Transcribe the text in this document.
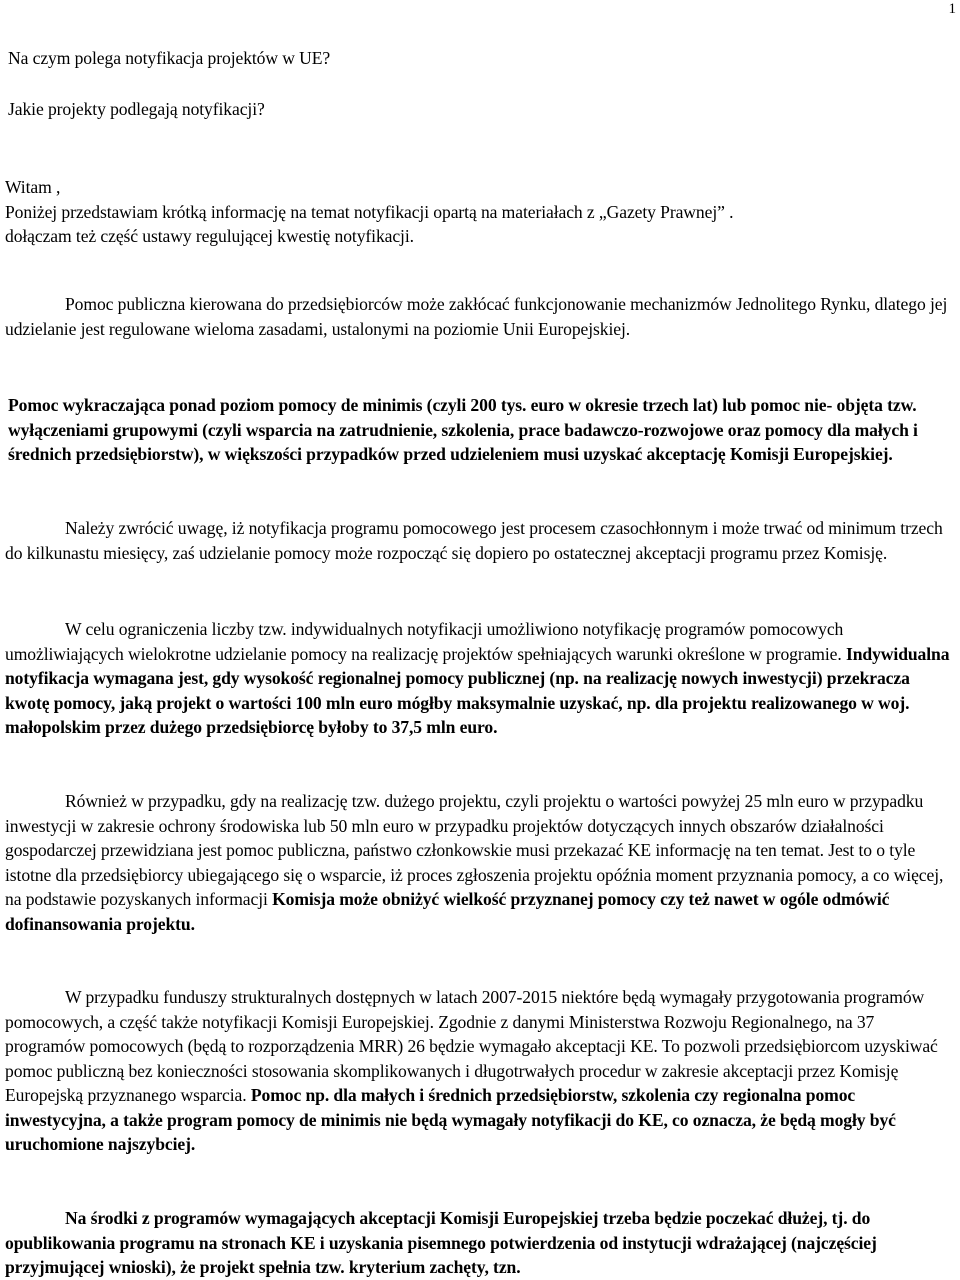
1

Na czym polega notyfikacja projektów w UE?

Jakie projekty podlegają notyfikacji?

Witam ,

Poniżej przedstawiam krótką informację na temat notyfikacji opartą na materiałach z „Gazety Prawnej” .

dołączam też część ustawy regulującej kwestię notyfikacji.

Pomoc publiczna kierowana do przedsiębiorców może zakłócać funkcjonowanie mechanizmów Jednolitego Rynku, dlatego jej udzielanie jest regulowane wieloma zasadami, ustalonymi na poziomie Unii Europejskiej.

Pomoc wykraczająca ponad poziom pomocy de minimis (czyli 200 tys. euro w okresie trzech lat) lub pomoc nie- objęta tzw. wyłączeniami grupowymi (czyli wsparcia na zatrudnienie, szkolenia, prace badawczo-rozwojowe oraz pomocy dla małych i średnich przedsiębiorstw), w większości przypadków przed udzieleniem musi uzyskać akceptację Komisji Europejskiej.

Należy zwrócić uwagę, iż notyfikacja programu pomocowego jest procesem czasochłonnym i może trwać od minimum trzech do kilkunastu miesięcy, zaś udzielanie pomocy może rozpocząć się dopiero po ostatecznej akceptacji programu przez Komisję.

W celu ograniczenia liczby tzw. indywidualnych notyfikacji umożliwiono notyfikację programów pomocowych umożliwiających wielokrotne udzielanie pomocy na realizację projektów spełniających warunki określone w programie. Indywidualna notyfikacja wymagana jest, gdy wysokość regionalnej pomocy publicznej (np. na realizację nowych inwestycji) przekracza kwotę pomocy, jaką projekt o wartości 100 mln euro mógłby maksymalnie uzyskać, np. dla projektu realizowanego w woj. małopolskim przez dużego przedsiębiorcę byłoby to 37,5 mln euro.

Również w przypadku, gdy na realizację tzw. dużego projektu, czyli projektu o wartości powyżej 25 mln euro w przypadku inwestycji w zakresie ochrony środowiska lub 50 mln euro w przypadku projektów dotyczących innych obszarów działalności gospodarczej przewidziana jest pomoc publiczna, państwo członkowskie musi przekazać KE informację na ten temat. Jest to o tyle istotne dla przedsiębiorcy ubiegającego się o wsparcie, iż proces zgłoszenia projektu opóźnia moment przyznania pomocy, a co więcej, na podstawie pozyskanych informacji Komisja może obniżyć wielkość przyznanej pomocy czy też nawet w ogóle odmówić dofinansowania projektu.

W przypadku funduszy strukturalnych dostępnych w latach 2007-2015 niektóre będą wymagały przygotowania programów pomocowych, a część także notyfikacji Komisji Europejskiej. Zgodnie z danymi Ministerstwa Rozwoju Regionalnego, na 37 programów pomocowych (będą to rozporządzenia MRR) 26 będzie wymagało akceptacji KE. To pozwoli przedsiębiorcom uzyskiwać pomoc publiczną bez konieczności stosowania skomplikowanych i długotrwałych procedur w zakresie akceptacji przez Komisję Europejską przyznanego wsparcia. Pomoc np. dla małych i średnich przedsiębiorstw, szkolenia czy regionalna pomoc inwestycyjna, a także program pomocy de minimis nie będą wymagały notyfikacji do KE, co oznacza, że będą mogły być uruchomione najszybciej.

Na środki z programów wymagających akceptacji Komisji Europejskiej trzeba będzie poczekać dłużej, tj. do opublikowania programu na stronach KE i uzyskania pisemnego potwierdzenia od instytucji wdrażającej (najczęściej przyjmującej wnioski), że projekt spełnia tzw. kryterium zachęty, tzn.
